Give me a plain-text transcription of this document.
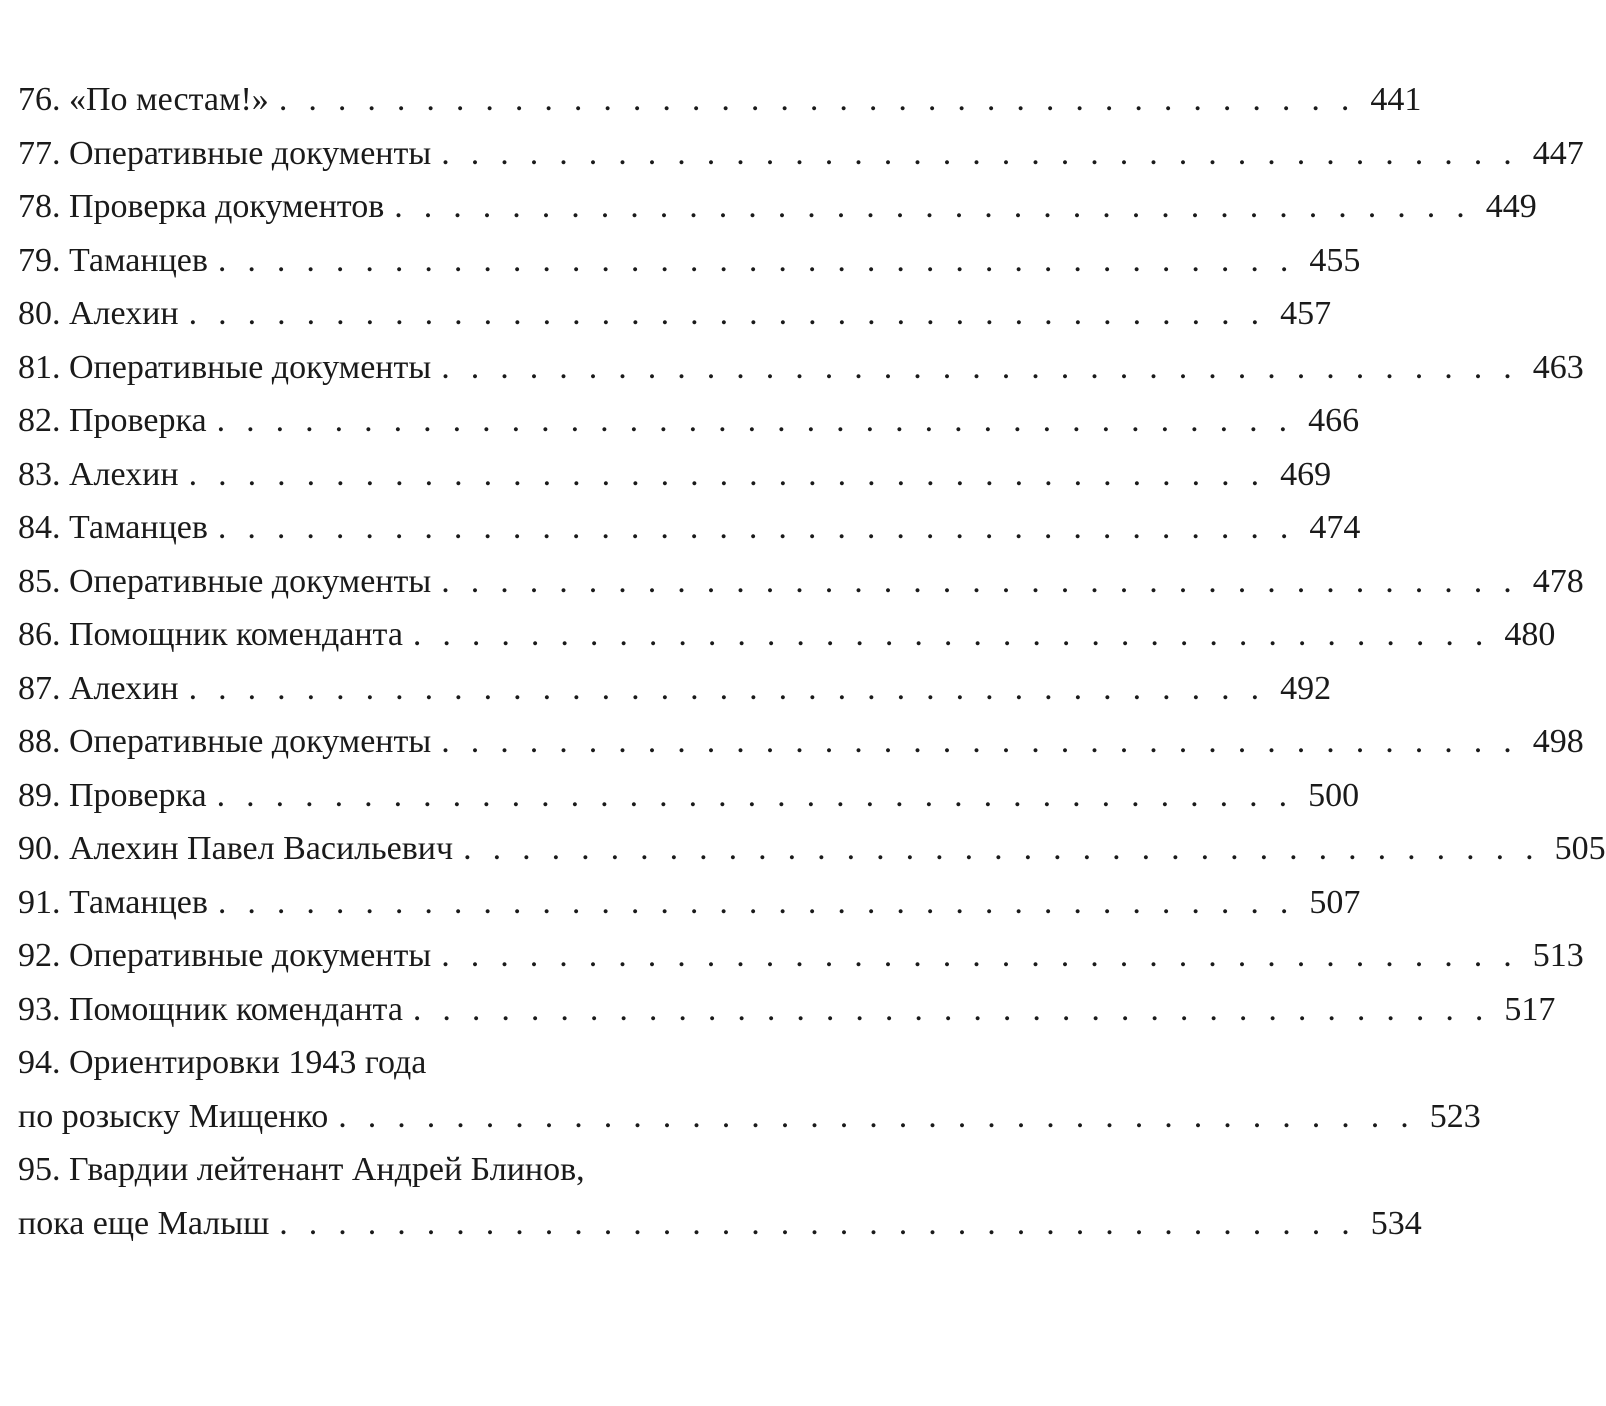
76. «По местам!» ..................................... 441
77. Оперативные документы ..................................... 447
78. Проверка документов ..................................... 449
79. Таманцев ..................................... 455
80. Алехин ..................................... 457
81. Оперативные документы ..................................... 463
82. Проверка ..................................... 466
83. Алехин ..................................... 469
84. Таманцев ..................................... 474
85. Оперативные документы ..................................... 478
86. Помощник коменданта ..................................... 480
87. Алехин ..................................... 492
88. Оперативные документы ..................................... 498
89. Проверка ..................................... 500
90. Алехин Павел Васильевич ..................................... 505
91. Таманцев ..................................... 507
92. Оперативные документы ..................................... 513
93. Помощник коменданта ..................................... 517
94. Ориентировки 1943 года
по розыску Мищенко ..................................... 523
95. Гвардии лейтенант Андрей Блинов,
пока еще Малыш ..................................... 534
